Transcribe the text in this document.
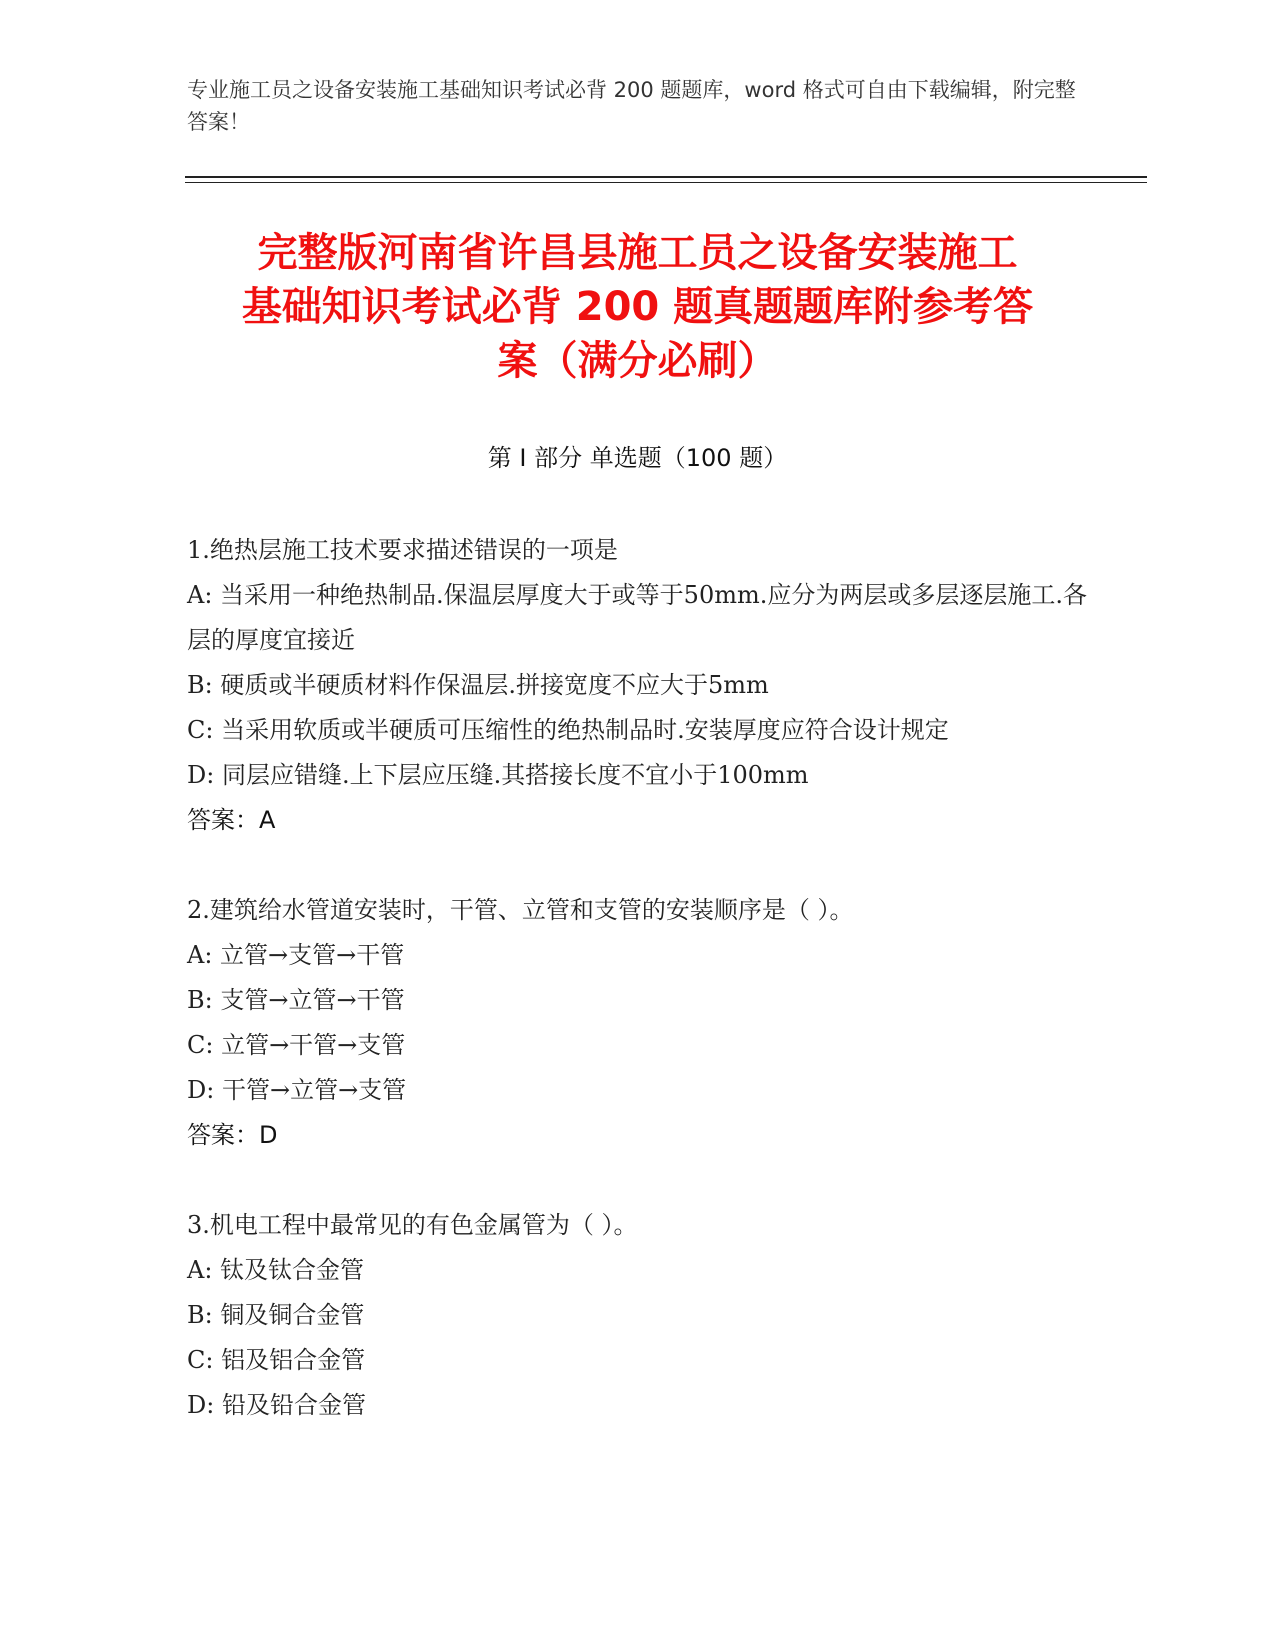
专业施工员之设备安装施工基础知识考试必背 200 题题库，word 格式可自由下载编辑，附完整答案！
完整版河南省许昌县施工员之设备安装施工
基础知识考试必背 200 题真题题库附参考答
案（满分必刷）
第 I 部分 单选题（100 题）

1.绝热层施工技术要求描述错误的一项是

A: 当采用一种绝热制品.保温层厚度大于或等于50mm.应分为两层或多层逐层施工.各层的厚度宜接近

B: 硬质或半硬质材料作保温层.拼接宽度不应大于5mm

C: 当采用软质或半硬质可压缩性的绝热制品时.安装厚度应符合设计规定

D: 同层应错缝.上下层应压缝.其搭接长度不宜小于100mm

答案：A

2.建筑给水管道安装时，干管、立管和支管的安装顺序是（ ）。

A: 立管→支管→干管

B: 支管→立管→干管

C: 立管→干管→支管

D: 干管→立管→支管

答案：D

3.机电工程中最常见的有色金属管为（ ）。

A: 钛及钛合金管

B: 铜及铜合金管

C: 铝及铝合金管

D: 铅及铅合金管
